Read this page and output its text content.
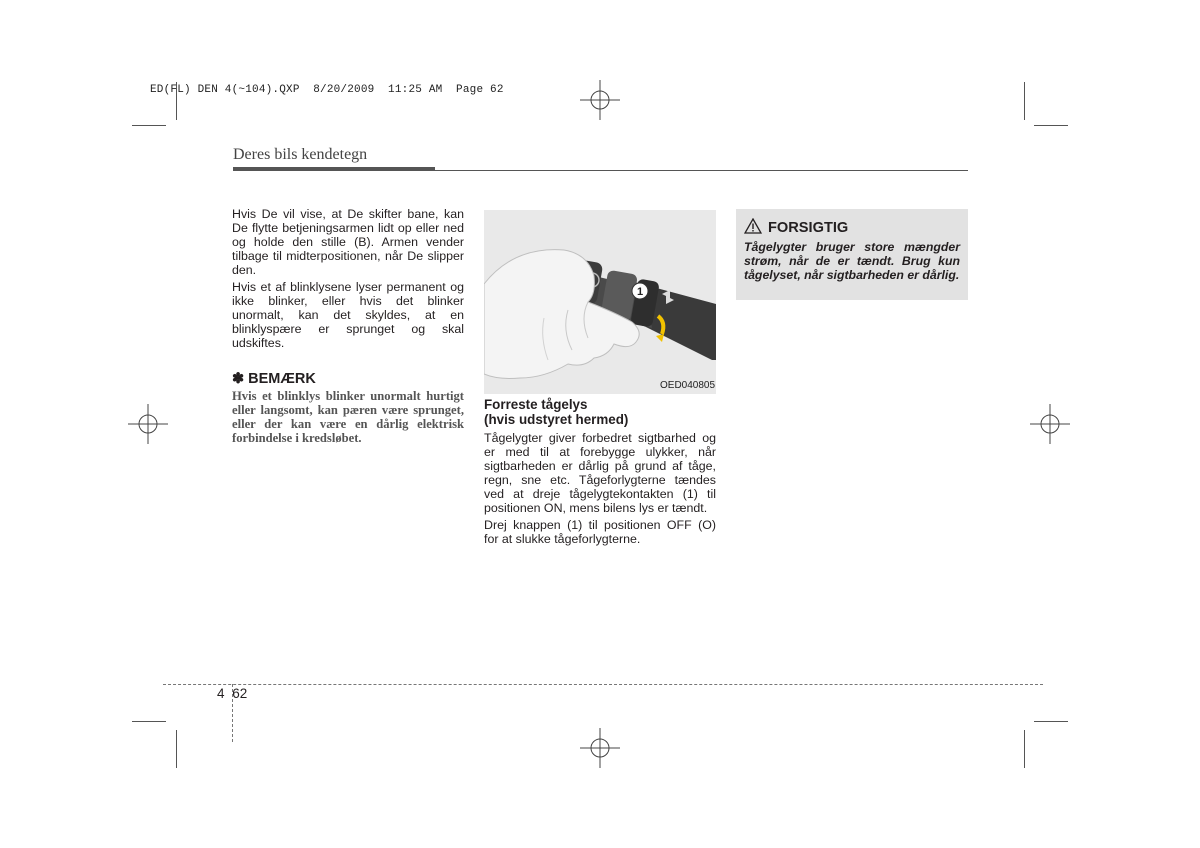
ED(FL) DEN 4(~104).QXP  8/20/2009  11:25 AM  Page 62
Deres bils kendetegn

Hvis De vil vise, at De skifter bane, kan De flytte betjeningsarmen lidt op eller ned og holde den stille (B). Armen vender tilbage til midterpositionen, når De slipper den.

Hvis et af blinklysene lyser permanent og ikke blinker, eller hvis det blinker unormalt, kan det skyldes, at en blinklyspære er sprunget og skal udskiftes.

✽ BEMÆRK
Hvis et blinklys blinker unormalt hurtigt eller langsomt, kan pæren være sprunget, eller der kan være en dårlig elektrisk forbindelse i kredsløbet.
1
OED040805
Forreste tågelys
(hvis udstyret hermed)

Tågelygter giver forbedret sigtbarhed og er med til at forebygge ulykker, når sigtbarheden er dårlig på grund af tåge, regn, sne etc. Tågeforlygterne tændes ved at dreje tågelygtekontakten (1) til positionen ON, mens bilens lys er tændt.

Drej knappen (1) til positionen OFF (O) for at slukke tågeforlygterne.

FORSIGTIG
Tågelygter bruger store mængder strøm, når de er tændt. Brug kun tågelyset, når sigtbarheden er dårlig.
4 62
